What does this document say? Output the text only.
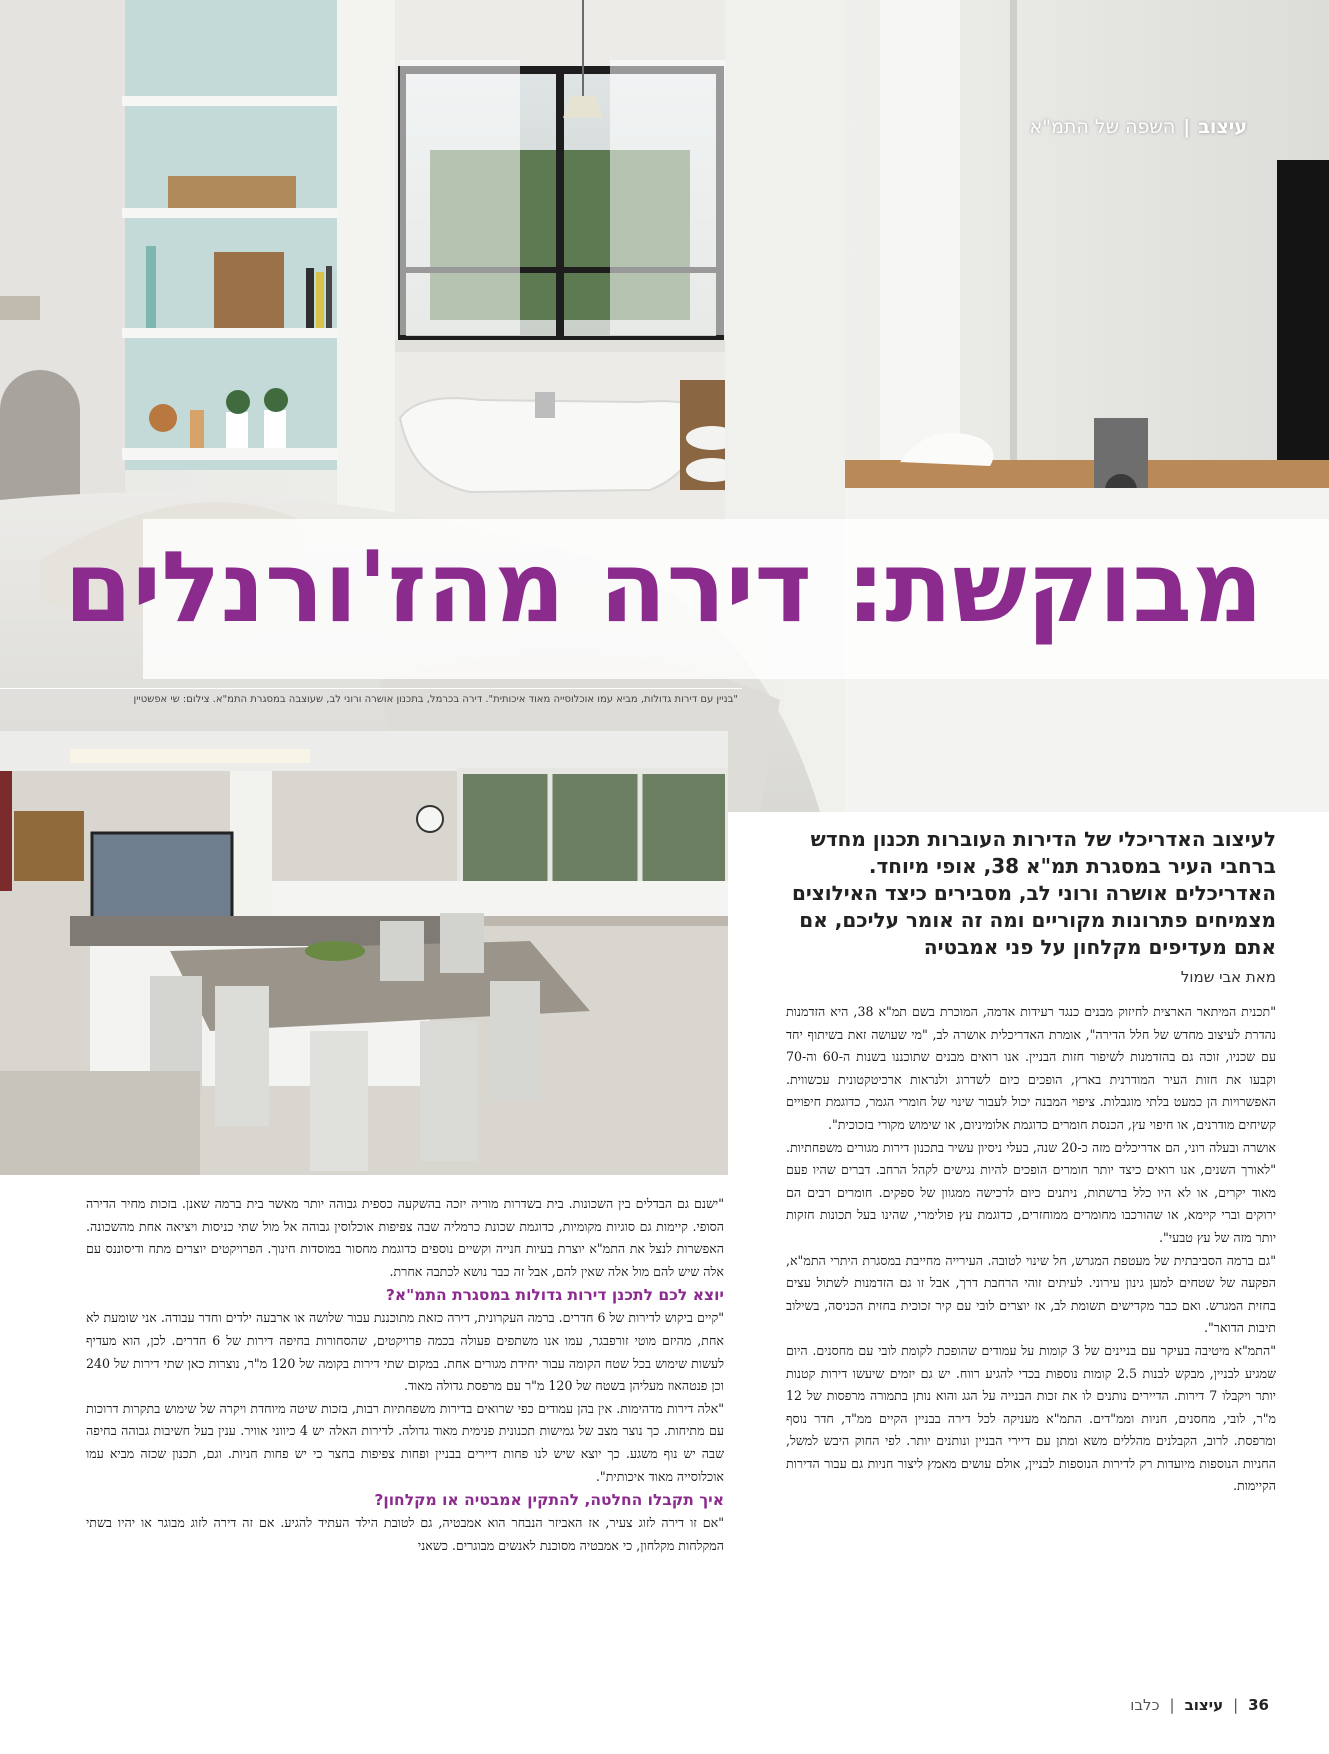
עיצוב|השפה של התמ"א
מבוקשת: דירה מהז'ורנלים
"בניין עם דירות גדולות, מביא עמו אוכלוסייה מאוד איכותית". דירה בכרמל, בתכנון אושרה ורוני לב, שעוצבה במסגרת התמ"א. צילום: שי אפשטיין
לעיצוב האדריכלי של הדירות העוברות תכנון מחדש ברחבי העיר במסגרת תמ"א 38, אופי מיוחד. האדריכלים אושרה ורוני לב, מסבירים כיצד האילוצים מצמיחים פתרונות מקוריים ומה זה אומר עליכם, אם אתם מעדיפים מקלחון על פני אמבטיה
מאת אבי שמול

"תכנית המיתאר הארצית לחיזוק מבנים כנגד רעידות אדמה, המוכרת בשם תמ"א 38, היא הזדמנות נהדרת לעיצוב מחדש של חלל הדירה", אומרת האדריכלית אושרה לב, "מי שעושה זאת בשיתוף יחד עם שכניו, זוכה גם בהזדמנות לשיפור חזות הבניין. אנו רואים מבנים שתוכננו בשנות ה-60 וה-70 וקבעו את חזות העיר המודרנית בארץ, הופכים כיום לשדרוג ולנראות ארכיטקטונית עכשווית. האפשרויות הן כמעט בלתי מוגבלות. ציפוי המבנה יכול לעבור שינוי של חומרי הגמר, כדוגמת חיפויים קשיחים מודרנים, או חיפוי עץ, הכנסת חומרים כדוגמת אלומיניום, או שימוש מקורי בזכוכית".

אושרה ובעלה רוני, הם אדריכלים מזה כ-20 שנה, בעלי ניסיון עשיר בתכנון דירות מגורים משפחתיות. "לאורך השנים, אנו רואים כיצד יותר חומרים הופכים להיות נגישים לקהל הרחב. דברים שהיו פעם מאוד יקרים, או לא היו כלל ברשתות, ניתנים כיום לרכישה ממגוון של ספקים. חומרים רבים הם ירוקים וברי קיימא, או שהורכבו מחומרים ממוחזרים, כדוגמת עץ פולימרי, שהינו בעל תכונות חזקות יותר מזה של עץ טבעי".

"גם ברמה הסביבתית של מעטפת המגרש, חל שינוי לטובה. העירייה מחייבת במסגרת היתרי התמ"א, הפקעה של שטחים למען גינון עירוני. לעיתים זוהי הרחבת דרך, אבל זו גם הזדמנות לשתול עצים בחזית המגרש. ואם כבר מקדישים תשומת לב, אז יוצרים לובי עם קיר זכוכית בחזית הכניסה, בשילוב תיבות הדואר".

"התמ"א מיטיבה בעיקר עם בניינים של 3 קומות על עמודים שהופכת לקומת לובי עם מחסנים. היום שמגיע לבניין, מבקש לבנות 2.5 קומות נוספות בכדי להגיע רווח. יש גם יזמים שיעשו דירות קטנות יותר ויקבלו 7 דירות. הדיירים נותנים לו את זכות הבנייה על הגג והוא נותן בתמורה מרפסות של 12 מ"ר, לובי, מחסנים, חניות וממ"דים. התמ"א מעניקה לכל דירה בבניין הקיים ממ"ד, חדר נוסף ומרפסת. לרוב, הקבלנים מהללים משא ומתן עם דיירי הבניין ונותנים יותר. לפי החוק היבש למשל, החניות הנוספות מיועדות רק לדירות הנוספות לבניין, אולם עושים מאמץ ליצור חניות גם עבור הדירות הקיימות.

"ישנם גם הבדלים בין השכונות. בית בשדרות מוריה יזכה בהשקעה כספית גבוהה יותר מאשר בית ברמה שאנן. בזכות מחיר הדירה הסופי. קיימות גם סוגיות מקומיות, כדוגמת שכונת כרמליה שבה צפיפות אוכלוסין גבוהה אל מול שתי כניסות ויציאה אחת מהשכונה. האפשרות לנצל את התמ"א יוצרת בעיות חנייה וקשיים נוספים כדוגמת מחסור במוסדות חינוך. הפרויקטים יוצרים מתח ודיסוננס עם אלה שיש להם מול אלה שאין להם, אבל זה כבר נושא לכתבה אחרת.

יוצא לכם לתכנן דירות גדולות במסגרת התמ"א?

"קיים ביקוש לדירות של 6 חדרים. ברמה העקרונית, דירה כזאת מתוכננת עבור שלושה או ארבעה ילדים וחדר עבודה. אני שומעת לא אחת, מהיזם מוטי זורפבגר, עמו אנו משתפים פעולה בכמה פרויקטים, שהסחורות בחיפה דירות של 6 חדרים. לכן, הוא מעדיף לעשות שימוש בכל שטח הקומה עבור יחידת מגורים אחת. במקום שתי דירות בקומה של 120 מ"ר, נוצרות כאן שתי דירות של 240 וכן פנטהאוז מעליהן בשטח של 120 מ"ר עם מרפסת גדולה מאוד.

"אלה דירות מדהימות. אין בהן עמודים כפי שרואים בדירות משפחתיות רבות, בזכות שיטה מיוחדת ויקרה של שימוש בתקרות דרוכות עם מתיחות. כך נוצר מצב של גמישות תכנונית פנימית מאוד גדולה. לדירות האלה יש 4 כיווני אוויר. ענין בעל חשיבות גבוהה בחיפה שבה יש נוף משגע. כך יוצא שיש לנו פחות דיירים בבניין ופחות צפיפות בחצר כי יש פחות חניות. וגם, תכנון שכזה מביא עמו אוכלוסייה מאוד איכותית".

איך תקבלו החלטה, להתקין אמבטיה או מקלחון?

"אם זו דירה לזוג צעיר, אז האביזר הנבחר הוא אמבטיה, גם לטובת הילד העתיד להגיע. אם זה דירה לזוג מבוגר או יהיו בשתי המקלחות מקלחון, כי אמבטיה מסוכנת לאנשים מבוגרים. כשאני

36|עיצוב|כלבו
